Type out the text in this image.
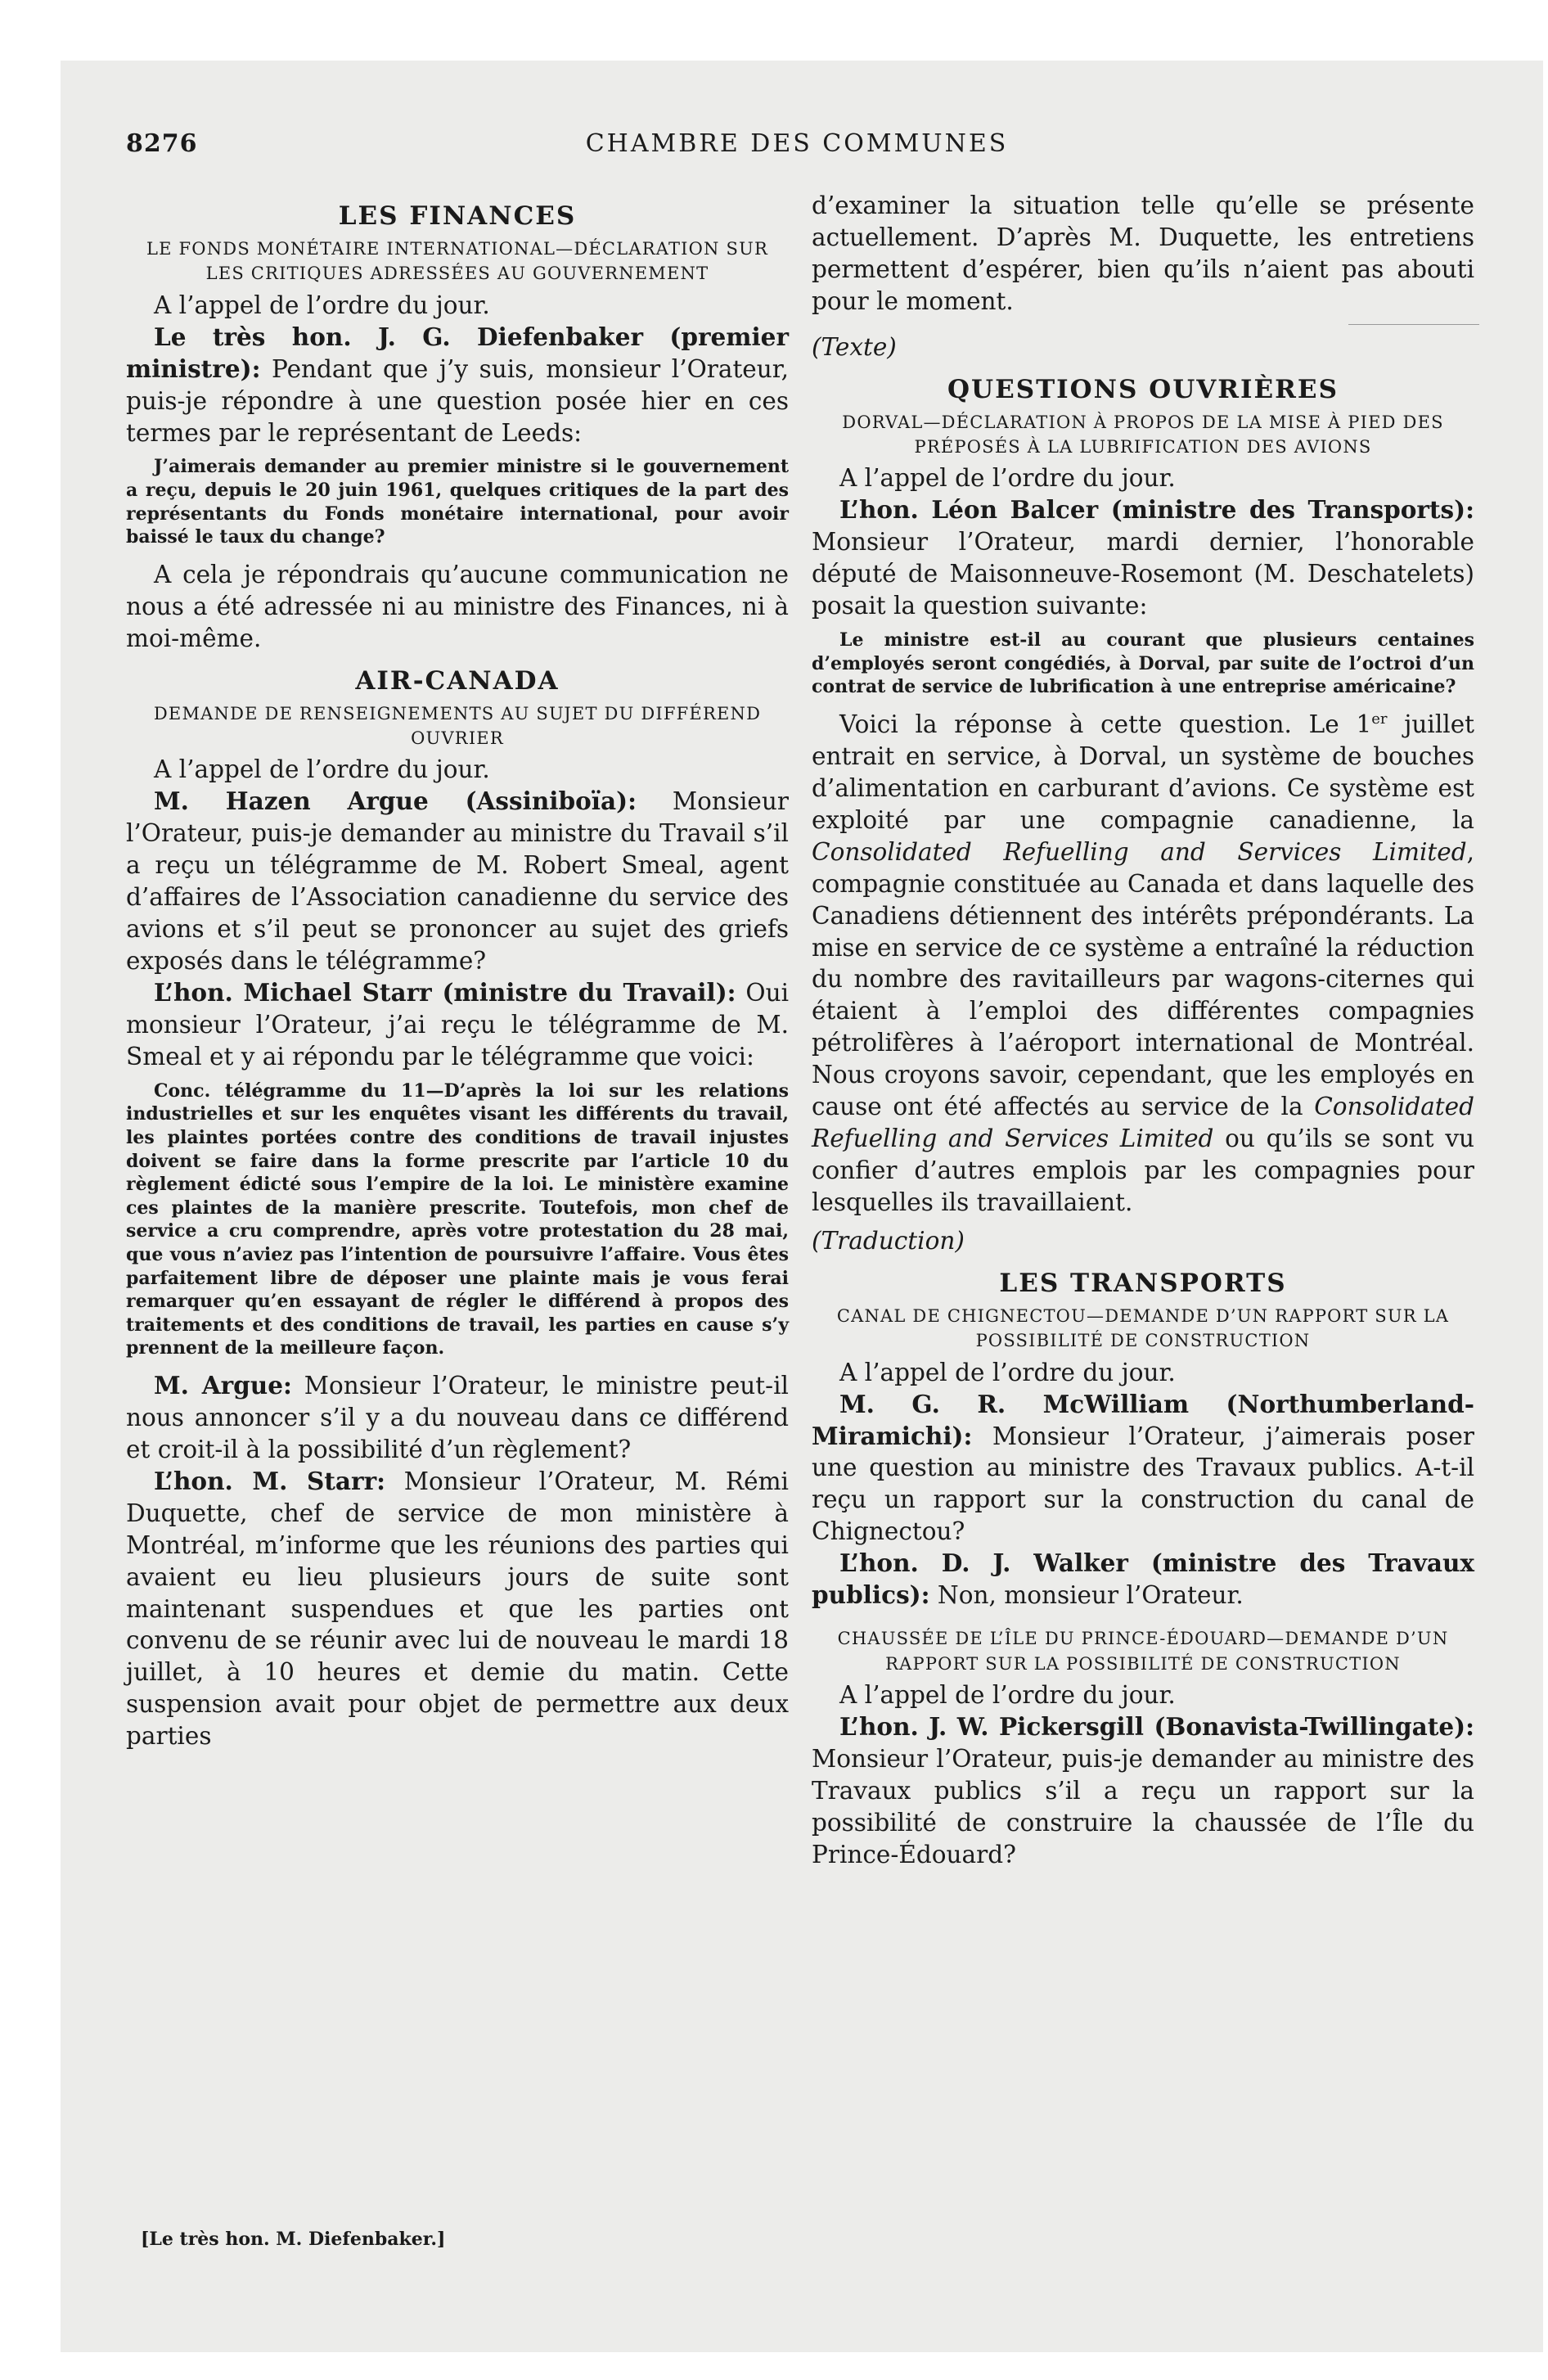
8276	CHAMBRE DES COMMUNES
LES FINANCES
LE FONDS MONÉTAIRE INTERNATIONAL—DÉCLARATION SUR LES CRITIQUES ADRESSÉES AU GOUVERNEMENT

A l’appel de l’ordre du jour.

Le très hon. J. G. Diefenbaker (premier ministre): Pendant que j’y suis, monsieur l’Orateur, puis-je répondre à une question posée hier en ces termes par le représentant de Leeds:

J’aimerais demander au premier ministre si le gouvernement a reçu, depuis le 20 juin 1961, quelques critiques de la part des représentants du Fonds monétaire international, pour avoir baissé le taux du change?

A cela je répondrais qu’aucune communication ne nous a été adressée ni au ministre des Finances, ni à moi-même.

AIR-CANADA
DEMANDE DE RENSEIGNEMENTS AU SUJET DU DIFFÉREND OUVRIER

A l’appel de l’ordre du jour.

M. Hazen Argue (Assiniboïa): Monsieur l’Orateur, puis-je demander au ministre du Travail s’il a reçu un télégramme de M. Robert Smeal, agent d’affaires de l’Association canadienne du service des avions et s’il peut se prononcer au sujet des griefs exposés dans le télégramme?

L’hon. Michael Starr (ministre du Travail): Oui monsieur l’Orateur, j’ai reçu le télégramme de M. Smeal et y ai répondu par le télégramme que voici:

Conc. télégramme du 11—D’après la loi sur les relations industrielles et sur les enquêtes visant les différents du travail, les plaintes portées contre des conditions de travail injustes doivent se faire dans la forme prescrite par l’article 10 du règlement édicté sous l’empire de la loi. Le ministère examine ces plaintes de la manière prescrite. Toutefois, mon chef de service a cru comprendre, après votre protestation du 28 mai, que vous n’aviez pas l’intention de poursuivre l’affaire. Vous êtes parfaitement libre de déposer une plainte mais je vous ferai remarquer qu’en essayant de régler le différend à propos des traitements et des conditions de travail, les parties en cause s’y prennent de la meilleure façon.

M. Argue: Monsieur l’Orateur, le ministre peut-il nous annoncer s’il y a du nouveau dans ce différend et croit-il à la possibilité d’un règlement?

L’hon. M. Starr: Monsieur l’Orateur, M. Rémi Duquette, chef de service de mon ministère à Montréal, m’informe que les réunions des parties qui avaient eu lieu plusieurs jours de suite sont maintenant suspendues et que les parties ont convenu de se réunir avec lui de nouveau le mardi 18 juillet, à 10 heures et demie du matin. Cette suspension avait pour objet de permettre aux deux parties

[Le très hon. M. Diefenbaker.]

d’examiner la situation telle qu’elle se présente actuellement. D’après M. Duquette, les entretiens permettent d’espérer, bien qu’ils n’aient pas abouti pour le moment.

(Texte)

QUESTIONS OUVRIÈRES
DORVAL—DÉCLARATION À PROPOS DE LA MISE À PIED DES PRÉPOSÉS À LA LUBRIFICATION DES AVIONS

A l’appel de l’ordre du jour.

L’hon. Léon Balcer (ministre des Transports): Monsieur l’Orateur, mardi dernier, l’honorable député de Maisonneuve-Rosemont (M. Deschatelets) posait la question suivante:

Le ministre est-il au courant que plusieurs centaines d’employés seront congédiés, à Dorval, par suite de l’octroi d’un contrat de service de lubrification à une entreprise américaine?

Voici la réponse à cette question. Le 1er juillet entrait en service, à Dorval, un système de bouches d’alimentation en carburant d’avions. Ce système est exploité par une compagnie canadienne, la Consolidated Refuelling and Services Limited, compagnie constituée au Canada et dans laquelle des Canadiens détiennent des intérêts prépondérants. La mise en service de ce système a entraîné la réduction du nombre des ravitailleurs par wagons-citernes qui étaient à l’emploi des différentes compagnies pétrolifères à l’aéroport international de Montréal. Nous croyons savoir, cependant, que les employés en cause ont été affectés au service de la Consolidated Refuelling and Services Limited ou qu’ils se sont vu confier d’autres emplois par les compagnies pour lesquelles ils travaillaient.

(Traduction)

LES TRANSPORTS
CANAL DE CHIGNECTOU—DEMANDE D’UN RAPPORT SUR LA POSSIBILITÉ DE CONSTRUCTION

A l’appel de l’ordre du jour.

M. G. R. McWilliam (Northumberland-Miramichi): Monsieur l’Orateur, j’aimerais poser une question au ministre des Travaux publics. A-t-il reçu un rapport sur la construction du canal de Chignectou?

L’hon. D. J. Walker (ministre des Travaux publics): Non, monsieur l’Orateur.

CHAUSSÉE DE L’ÎLE DU PRINCE-ÉDOUARD—DEMANDE D’UN RAPPORT SUR LA POSSIBILITÉ DE CONSTRUCTION

A l’appel de l’ordre du jour.

L’hon. J. W. Pickersgill (Bonavista-Twillingate): Monsieur l’Orateur, puis-je demander au ministre des Travaux publics s’il a reçu un rapport sur la possibilité de construire la chaussée de l’Île du Prince-Édouard?
